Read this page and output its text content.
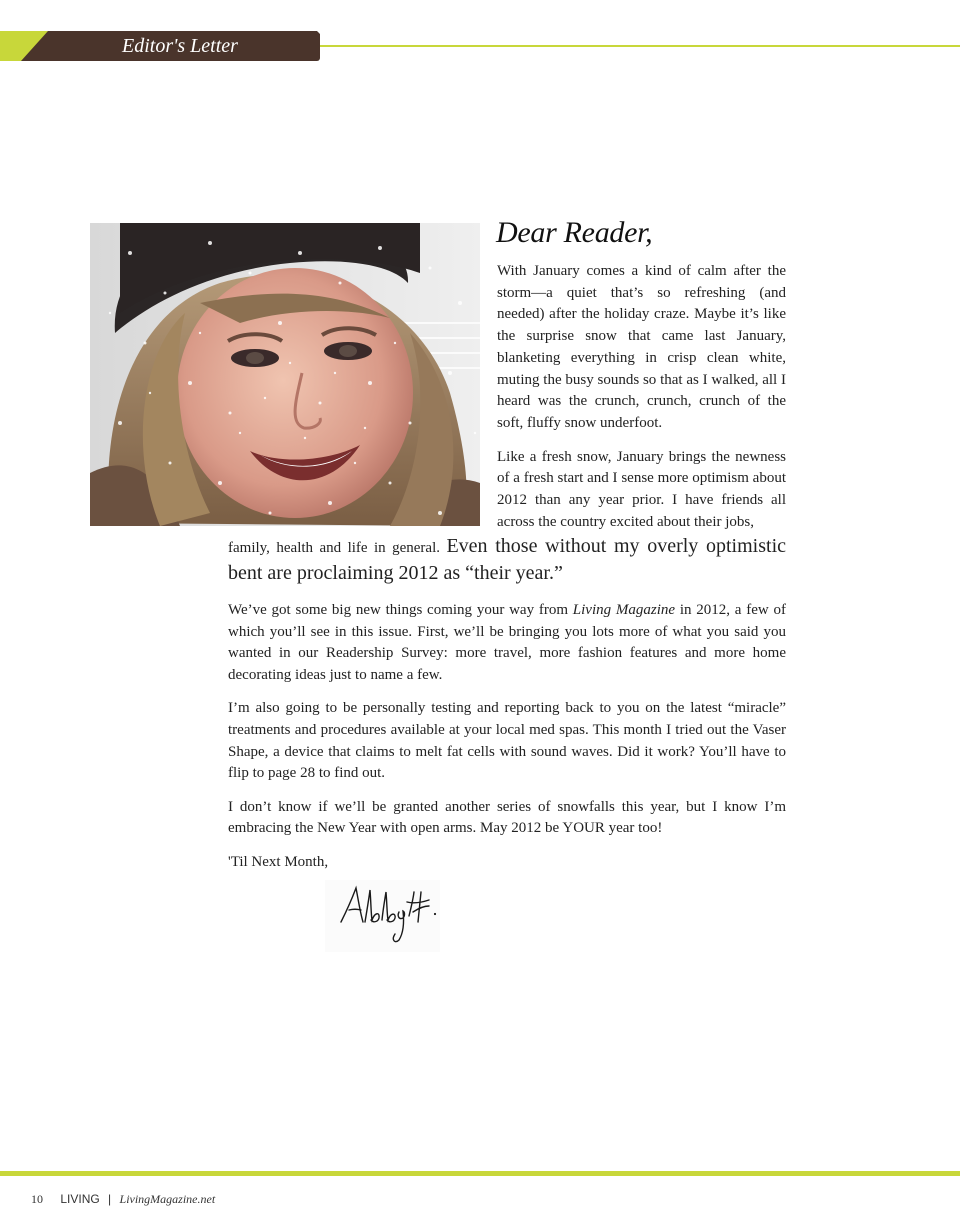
Editor's Letter
Dear Reader,

With January comes a kind of calm after the storm—a quiet that’s so refreshing (and needed) after the holiday craze. Maybe it’s like the surprise snow that came last January, blanketing everything in crisp clean white, muting the busy sounds so that as I walked, all I heard was the crunch, crunch, crunch of the soft, fluffy snow underfoot.

Like a fresh snow, January brings the newness of a fresh start and I sense more optimism about 2012 than any year prior. I have friends all across the country excited about their jobs,

family, health and life in general. Even those without my overly optimistic bent are proclaiming 2012 as “their year.”

We’ve got some big new things coming your way from Living Magazine in 2012, a few of which you’ll see in this issue. First, we’ll be bringing you lots more of what you said you wanted in our Readership Survey: more travel, more fashion features and more home decorating ideas just to name a few.

I’m also going to be personally testing and reporting back to you on the latest “miracle” treatments and procedures available at your local med spas. This month I tried out the Vaser Shape, a device that claims to melt fat cells with sound waves. Did it work? You’ll have to flip to page 28 to find out.

I don’t know if we’ll be granted another series of snowfalls this year, but I know I’m embracing the New Year with open arms. May 2012 be YOUR year too!

'Til Next Month,

10 LIVING | LivingMagazine.net
